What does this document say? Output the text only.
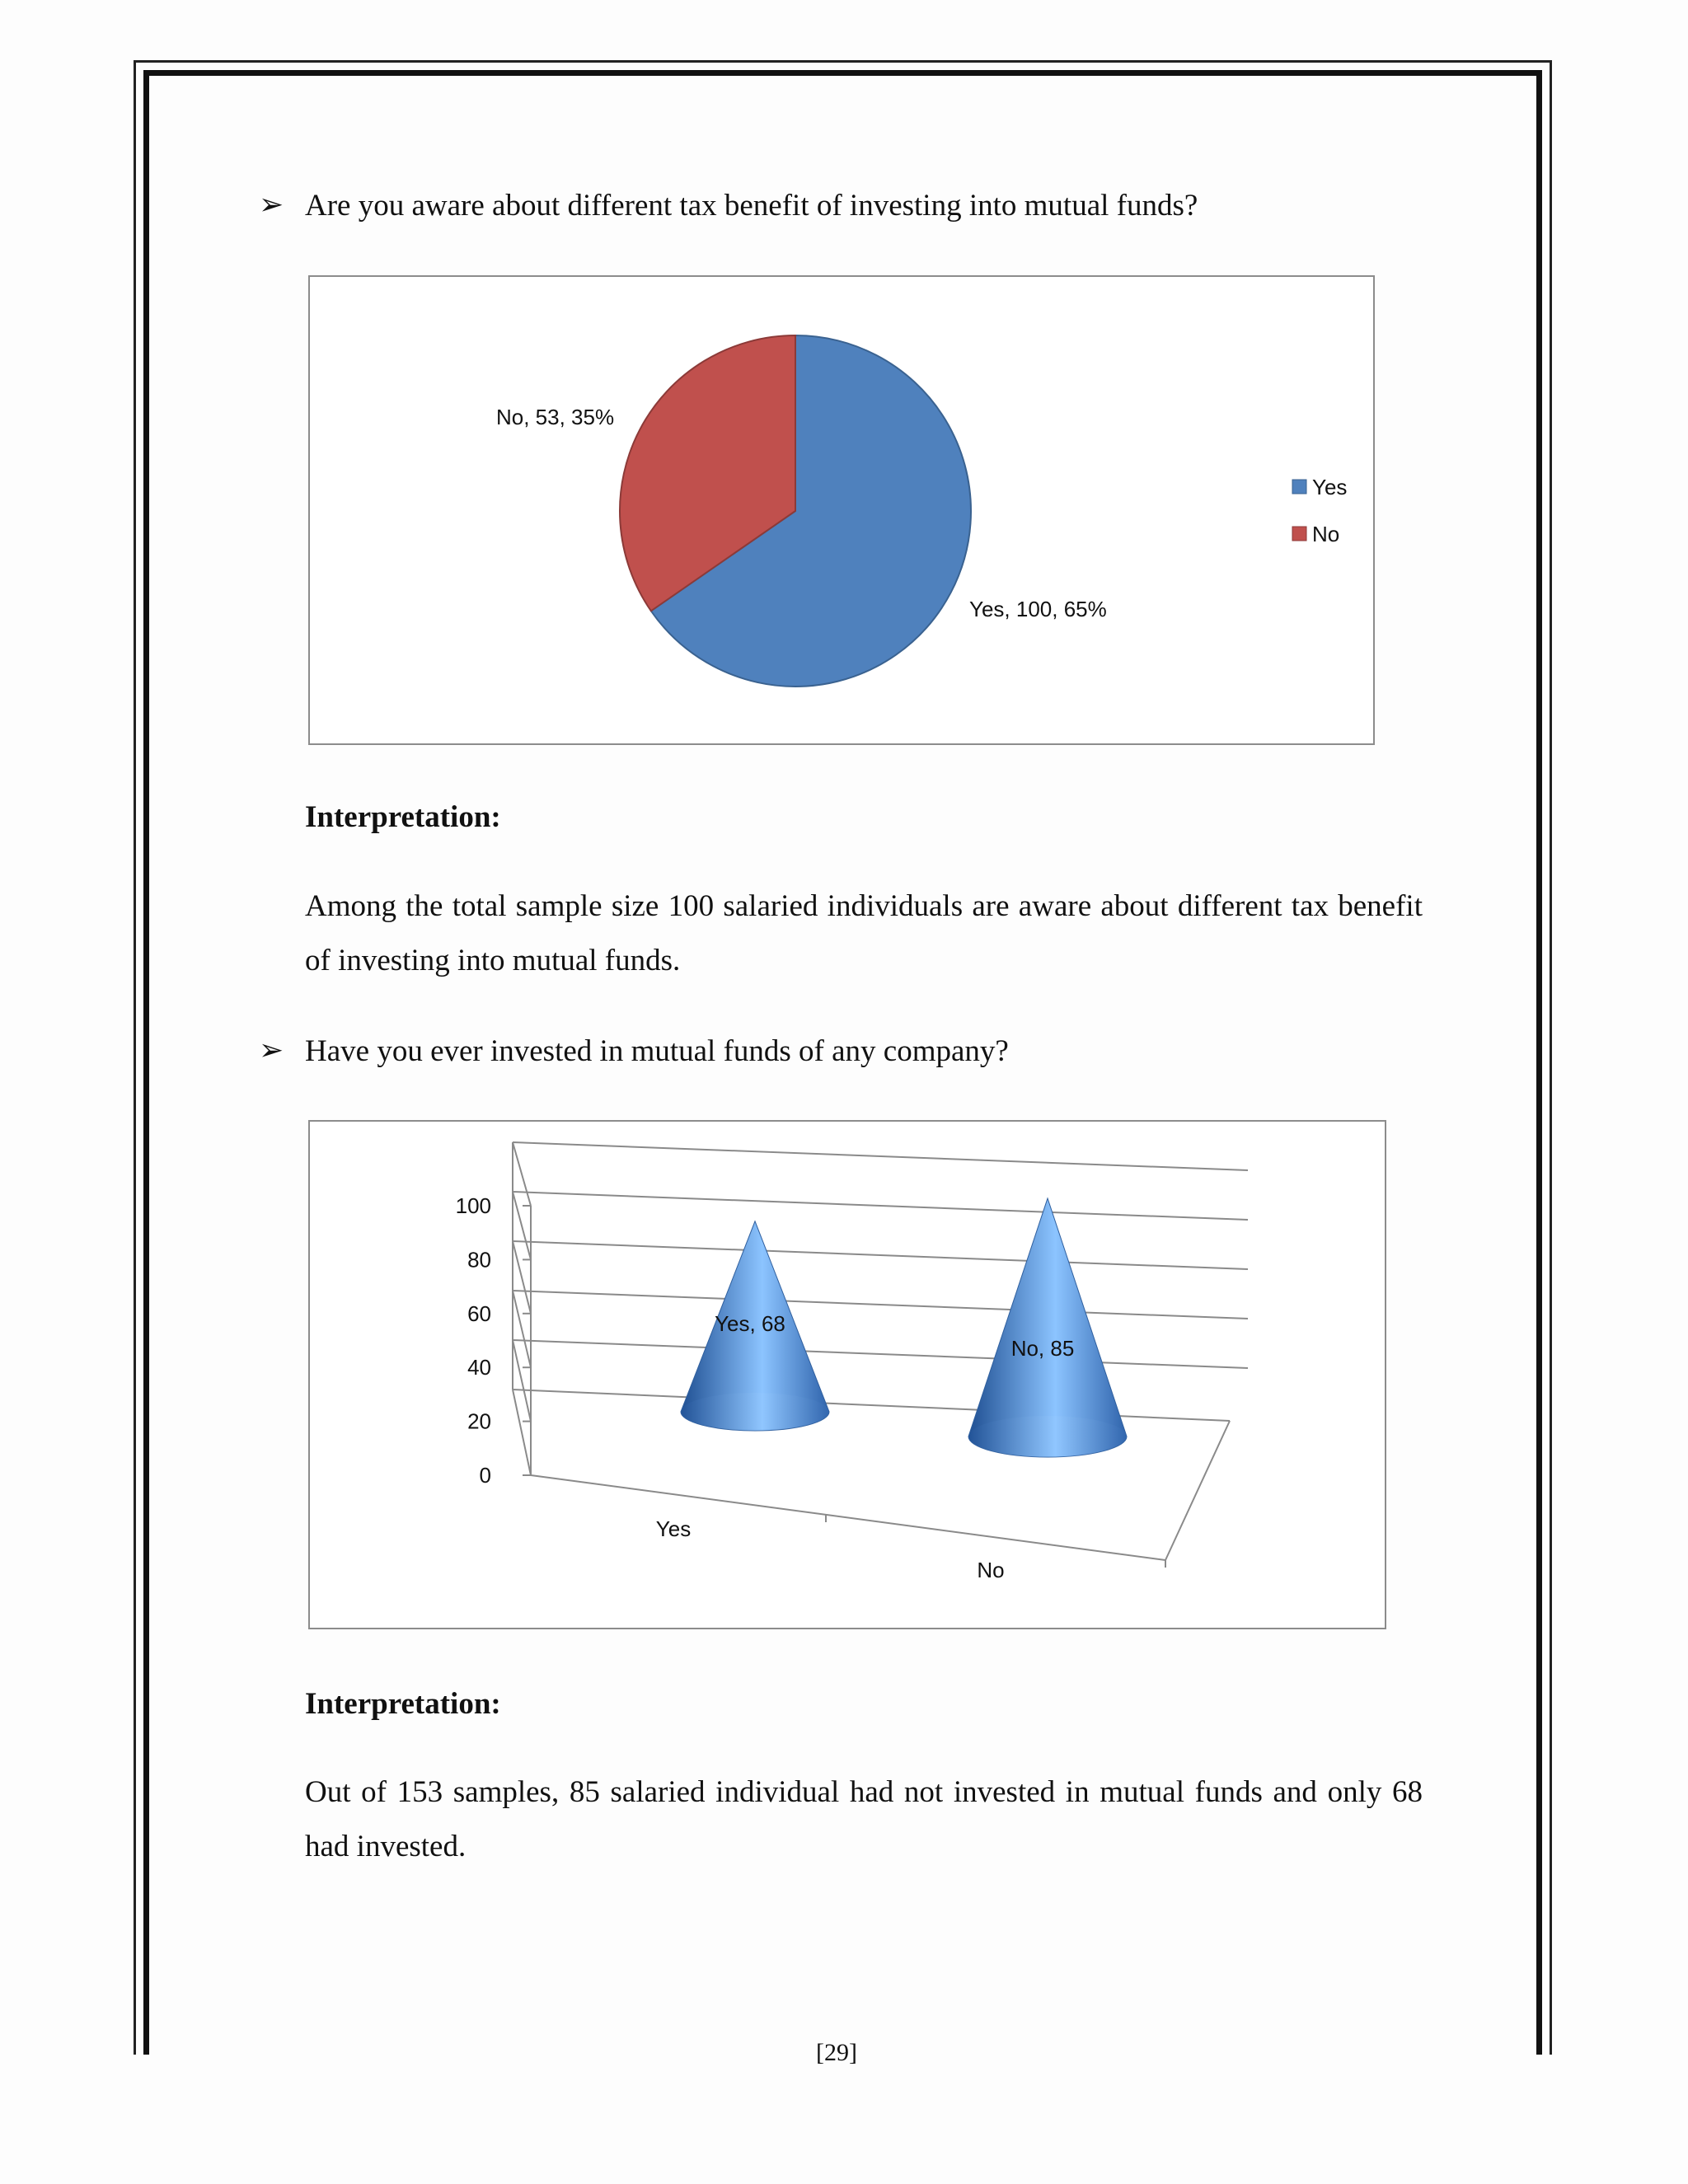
➢ Are you aware about different tax benefit of investing into mutual funds?
Yes, 100, 65%
No, 53, 35%
Yes
No
Interpretation:
Among the total sample size 100 salaried individuals are aware about different tax benefit of investing into mutual funds.
➢ Have you ever invested in mutual funds of any company?
0
20
40
60
80
100
Yes, 68
No, 85
Yes
No
Interpretation:
Out of 153 samples, 85 salaried individual had not invested in mutual funds and only 68 had invested.
[29]
